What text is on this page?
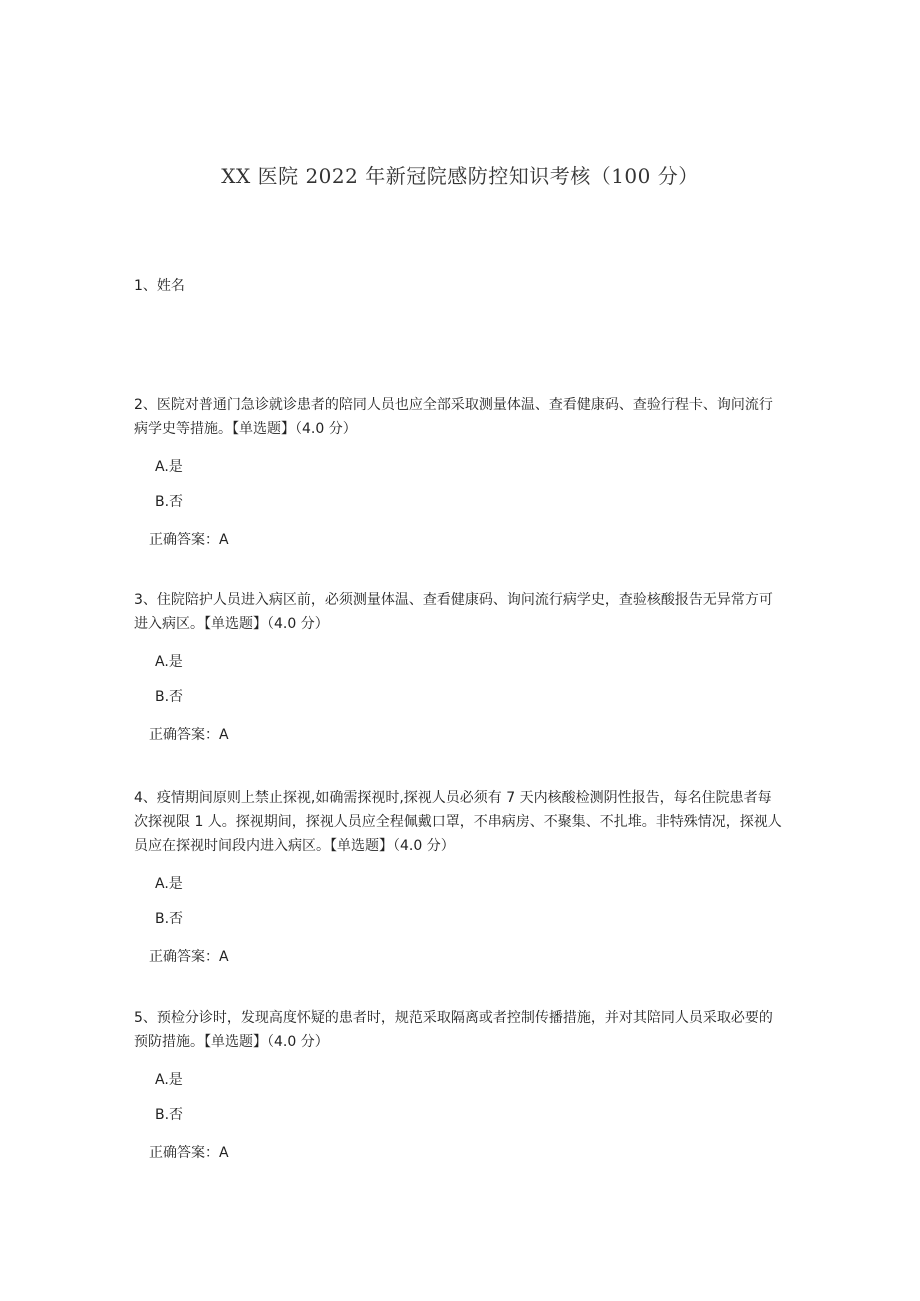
XX 医院 2022 年新冠院感防控知识考核（100 分）
1、姓名

2、医院对普通门急诊就诊患者的陪同人员也应全部采取测量体温、查看健康码、查验行程卡、询问流行病学史等措施。【单选题】（4.0 分）

A.是
B.否
正确答案：A

3、住院陪护人员进入病区前，必须测量体温、查看健康码、询问流行病学史，查验核酸报告无异常方可进入病区。【单选题】（4.0 分）

A.是
B.否
正确答案：A

4、疫情期间原则上禁止探视,如确需探视时,探视人员必须有 7 天内核酸检测阴性报告，每名住院患者每次探视限 1 人。探视期间，探视人员应全程佩戴口罩，不串病房、不聚集、不扎堆。非特殊情况，探视人员应在探视时间段内进入病区。【单选题】（4.0 分）

A.是
B.否
正确答案：A

5、预检分诊时，发现高度怀疑的患者时，规范采取隔离或者控制传播措施，并对其陪同人员采取必要的预防措施。【单选题】（4.0 分）

A.是
B.否
正确答案：A
